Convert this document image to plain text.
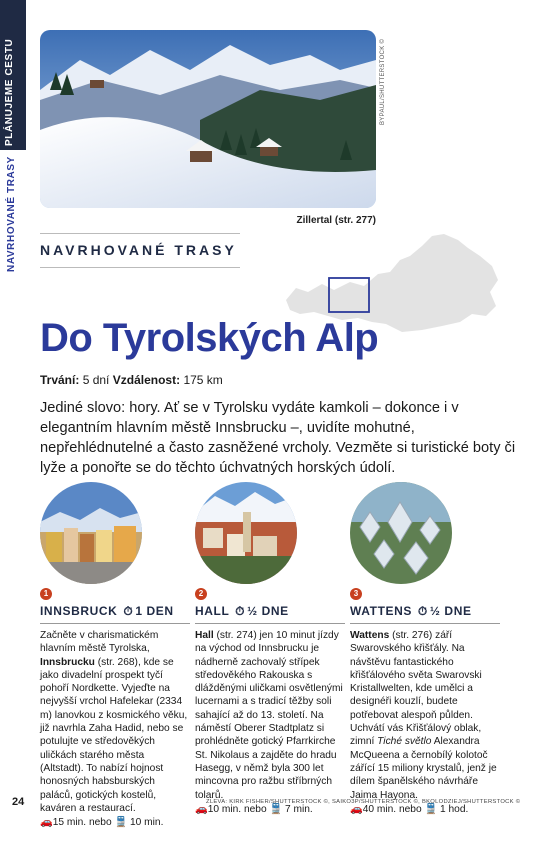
PLÁNUJEME CESTU
NAVRHOVANÉ TRASY
BYPAUL/SHUTTERSTOCK ©
Zillertal (str. 277)
NAVRHOVANÉ TRASY
Do Tyrolských Alp
Trvání: 5 dní Vzdálenost: 175 km
Jediné slovo: hory. Ať se v Tyrolsku vydáte kamkoli – dokonce i v elegantním hlavním městě Innsbrucku –, uvidíte mohutné, nepřehlédnutelné a často zasněžené vrcholy. Vezměte si turistické boty či lyže a ponořte se do těchto úchvatných horských údolí.
1
INNSBRUCK ⏱ 1 DEN
Začněte v charismatickém hlavním městě Tyrolska, Innsbrucku (str. 268), kde se jako divadelní prospekt tyčí pohoří Nordkette. Vyjeďte na nejvyšší vrchol Hafelekar (2334 m) lanovkou z kosmického věku, již navrhla Zaha Hadid, nebo se potulujte ve středověkých uličkách starého města (Altstadt). To nabízí hojnost honosných habsburských paláců, gotických kostelů, kaváren a restaurací.
🚗15 min. nebo 🚆 10 min.
2
HALL ⏱ ½ DNE
Hall (str. 274) jen 10 minut jízdy na východ od Innsbrucku je nádherně zachovalý střípek středověkého Rakouska s dlážděnými uličkami osvětlenými lucernami a s tradicí těžby soli sahající až do 13. století. Na náměstí Oberer Stadtplatz si prohlédněte gotický Pfarrkirche St. Nikolaus a zajděte do hradu Hasegg, v němž byla 300 let mincovna pro ražbu stříbrných tolarů.
🚗10 min. nebo 🚆 7 min.
3
WATTENS ⏱ ½ DNE
Wattens (str. 276) září Swarovského křišťály. Na návštěvu fantastického křišťálového světa Swarovski Kristallwelten, kde umělci a designéři kouzlí, budete potřebovat alespoň půlden. Uchvátí vás Křišťálový oblak, zimní Tiché světlo Alexandra McQueena a černobílý kolotoč zářící 15 miliony krystalů, jenž je dílem španělského návrháře Jaima Hayona.
🚗40 min. nebo 🚆 1 hod.
24	ZLEVA: KIRK FISHER/SHUTTERSTOCK ©, SAIKO3P/SHUTTERSTOCK ©, BKOLODZIEJ/SHUTTERSTOCK ©
